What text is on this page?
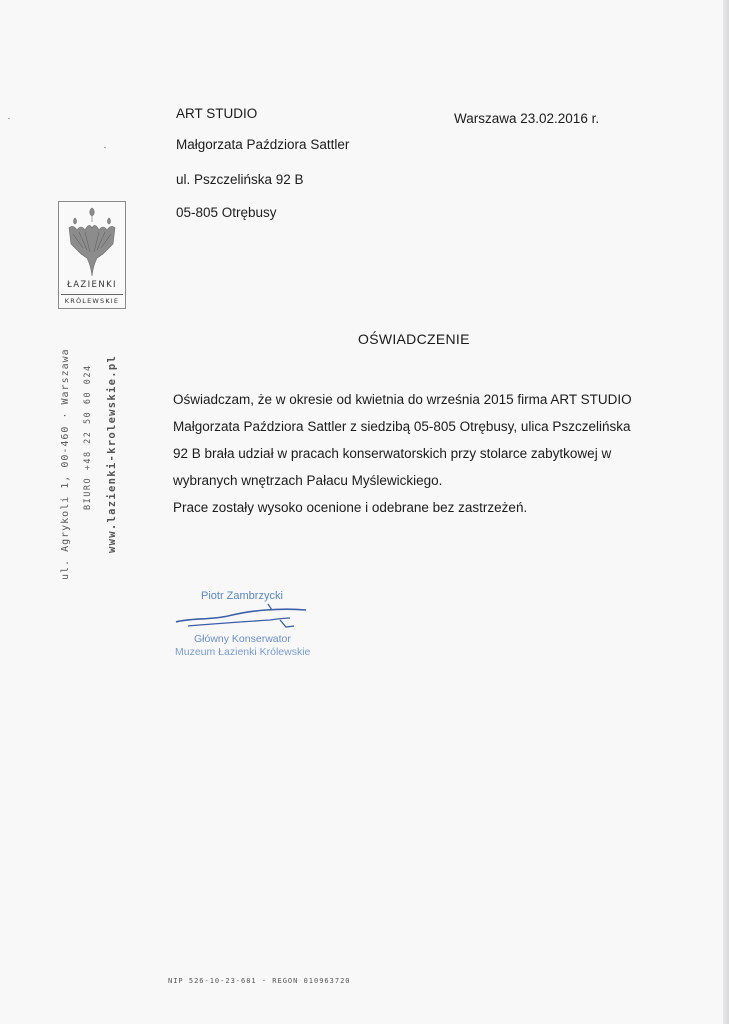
ŁAZIENKI
KRÓLEWSKIE
ul. Agrykoli 1, 00-460 · Warszawa BIURO +48 22 50 60 024 www.lazienki-krolewskie.pl
ART STUDIO
Małgorzata Paździora Sattler
ul. Pszczelińska 92 B
05-805 Otrębusy
Warszawa 23.02.2016 r.
OŚWIADCZENIE
Oświadczam, że w okresie od kwietnia do września 2015 firma ART STUDIO
Małgorzata Paździora Sattler z siedzibą 05-805 Otrębusy, ulica Pszczelińska
92 B brała udział w pracach konserwatorskich przy stolarce zabytkowej w
wybranych wnętrzach Pałacu Myślewickiego.
Prace zostały wysoko ocenione i odebrane bez zastrzeżeń.
Piotr Zambrzycki
Główny Konserwator
Muzeum Łazienki Królewskie
NIP 526-10-23-681 · REGON 010963720
